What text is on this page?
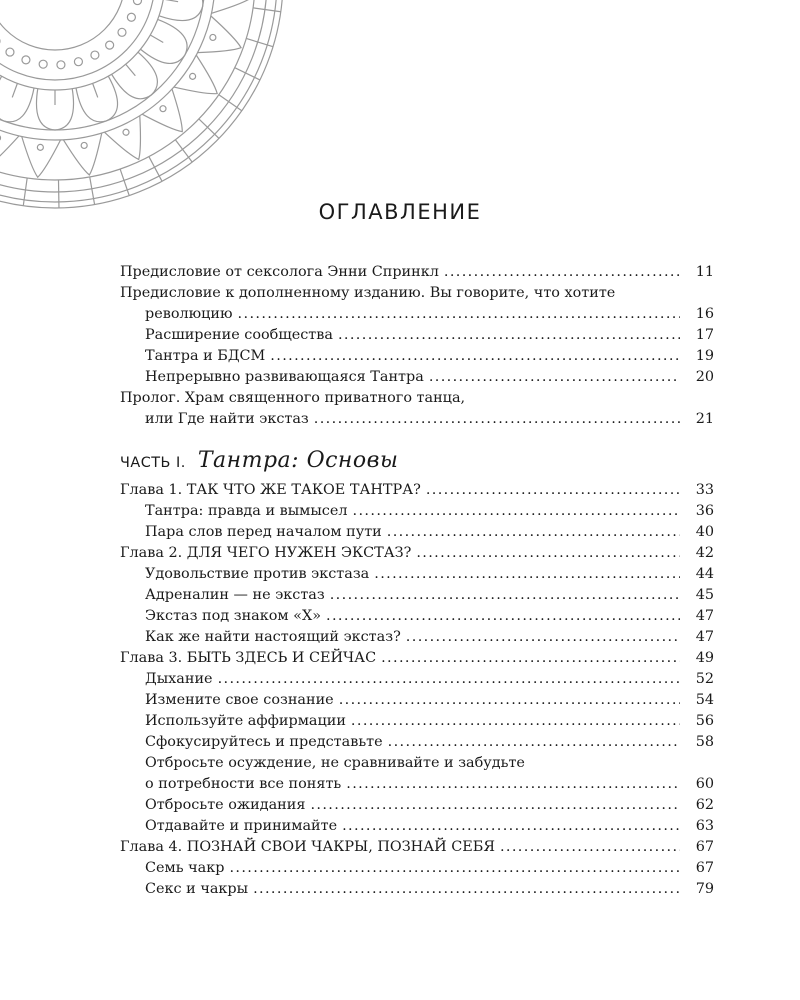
ОГЛАВЛЕНИЕ
Предисловие от сексолога Энни Спринкл . . .	11
Предисловие к дополненному изданию. Вы говорите, что хотите
революцию . . .	16
Расширение сообщества . . .	17
Тантра и БДСМ . . .	19
Непрерывно развивающаяся Тантра . . .	20
Пролог. Храм священного приватного танца,
или Где найти экстаз . . .	21
ЧАСТЬ I. Тантра: Основы
Глава 1. ТАК ЧТО ЖЕ ТАКОЕ ТАНТРА? . . .	33
Тантра: правда и вымысел . . .	36
Пара слов перед началом пути . . .	40
Глава 2. ДЛЯ ЧЕГО НУЖЕН ЭКСТАЗ? . . .	42
Удовольствие против экстаза . . .	44
Адреналин — не экстаз . . .	45
Экстаз под знаком «Х» . . .	47
Как же найти настоящий экстаз? . . .	47
Глава 3. БЫТЬ ЗДЕСЬ И СЕЙЧАС . . .	49
Дыхание . . .	52
Измените свое сознание . . .	54
Используйте аффирмации . . .	56
Сфокусируйтесь и представьте . . .	58
Отбросьте осуждение, не сравнивайте и забудьте
о потребности все понять . . .	60
Отбросьте ожидания . . .	62
Отдавайте и принимайте . . .	63
Глава 4. ПОЗНАЙ СВОИ ЧАКРЫ, ПОЗНАЙ СЕБЯ . . .	67
Семь чакр . . .	67
Секс и чакры . . .	79
